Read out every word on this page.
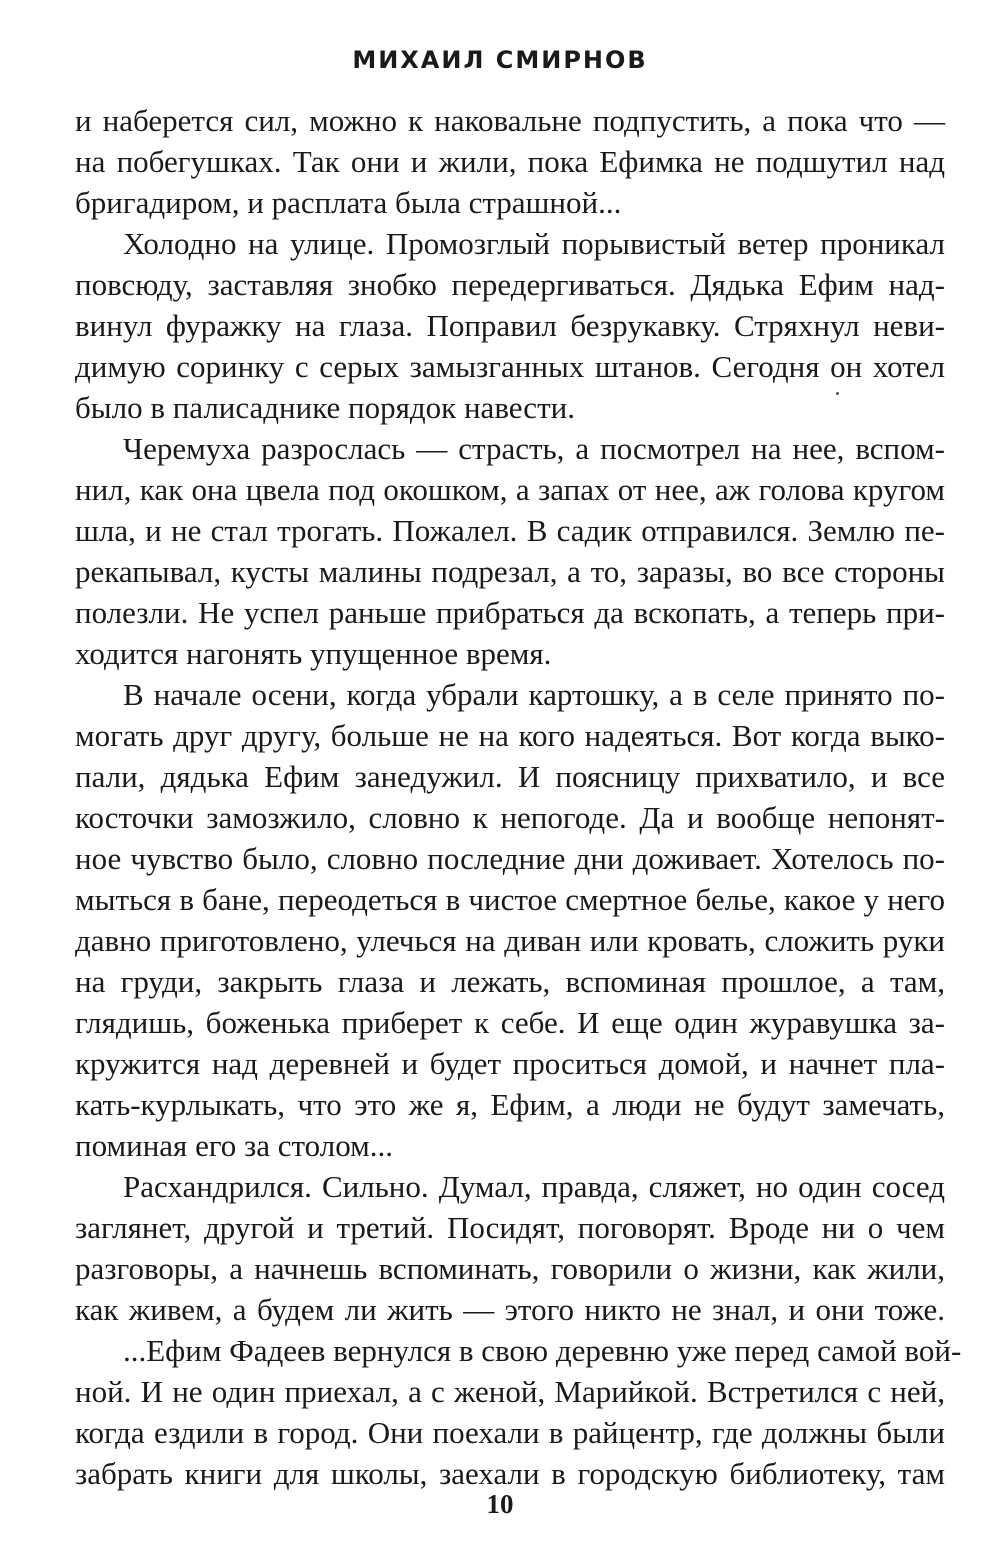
МИХАИЛ СМИРНОВ
и наберется сил, можно к наковальне подпустить, а пока что —
на побегушках. Так они и жили, пока Ефимка не подшутил над
бригадиром, и расплата была страшной...
Холодно на улице. Промозглый порывистый ветер проникал
повсюду, заставляя знобко передергиваться. Дядька Ефим над-
винул фуражку на глаза. Поправил безрукавку. Стряхнул неви-
димую соринку с серых замызганных штанов. Сегодня он хотел
было в палисаднике порядок навести.
Черемуха разрослась — страсть, а посмотрел на нее, вспом-
нил, как она цвела под окошком, а запах от нее, аж голова кругом
шла, и не стал трогать. Пожалел. В садик отправился. Землю пе-
рекапывал, кусты малины подрезал, а то, заразы, во все стороны
полезли. Не успел раньше прибраться да вскопать, а теперь при-
ходится нагонять упущенное время.
В начале осени, когда убрали картошку, а в селе принято по-
могать друг другу, больше не на кого надеяться. Вот когда выко-
пали, дядька Ефим занедужил. И поясницу прихватило, и все
косточки замозжило, словно к непогоде. Да и вообще непонят-
ное чувство было, словно последние дни доживает. Хотелось по-
мыться в бане, переодеться в чистое смертное белье, какое у него
давно приготовлено, улечься на диван или кровать, сложить руки
на груди, закрыть глаза и лежать, вспоминая прошлое, а там,
глядишь, боженька приберет к себе. И еще один журавушка за-
кружится над деревней и будет проситься домой, и начнет пла-
кать-курлыкать, что это же я, Ефим, а люди не будут замечать,
поминая его за столом...
Расхандрился. Сильно. Думал, правда, сляжет, но один сосед
заглянет, другой и третий. Посидят, поговорят. Вроде ни о чем
разговоры, а начнешь вспоминать, говорили о жизни, как жили,
как живем, а будем ли жить — этого никто не знал, и они тоже.
...Ефим Фадеев вернулся в свою деревню уже перед самой вой-
ной. И не один приехал, а с женой, Марийкой. Встретился с ней,
когда ездили в город. Они поехали в райцентр, где должны были
забрать книги для школы, заехали в городскую библиотеку, там
10
